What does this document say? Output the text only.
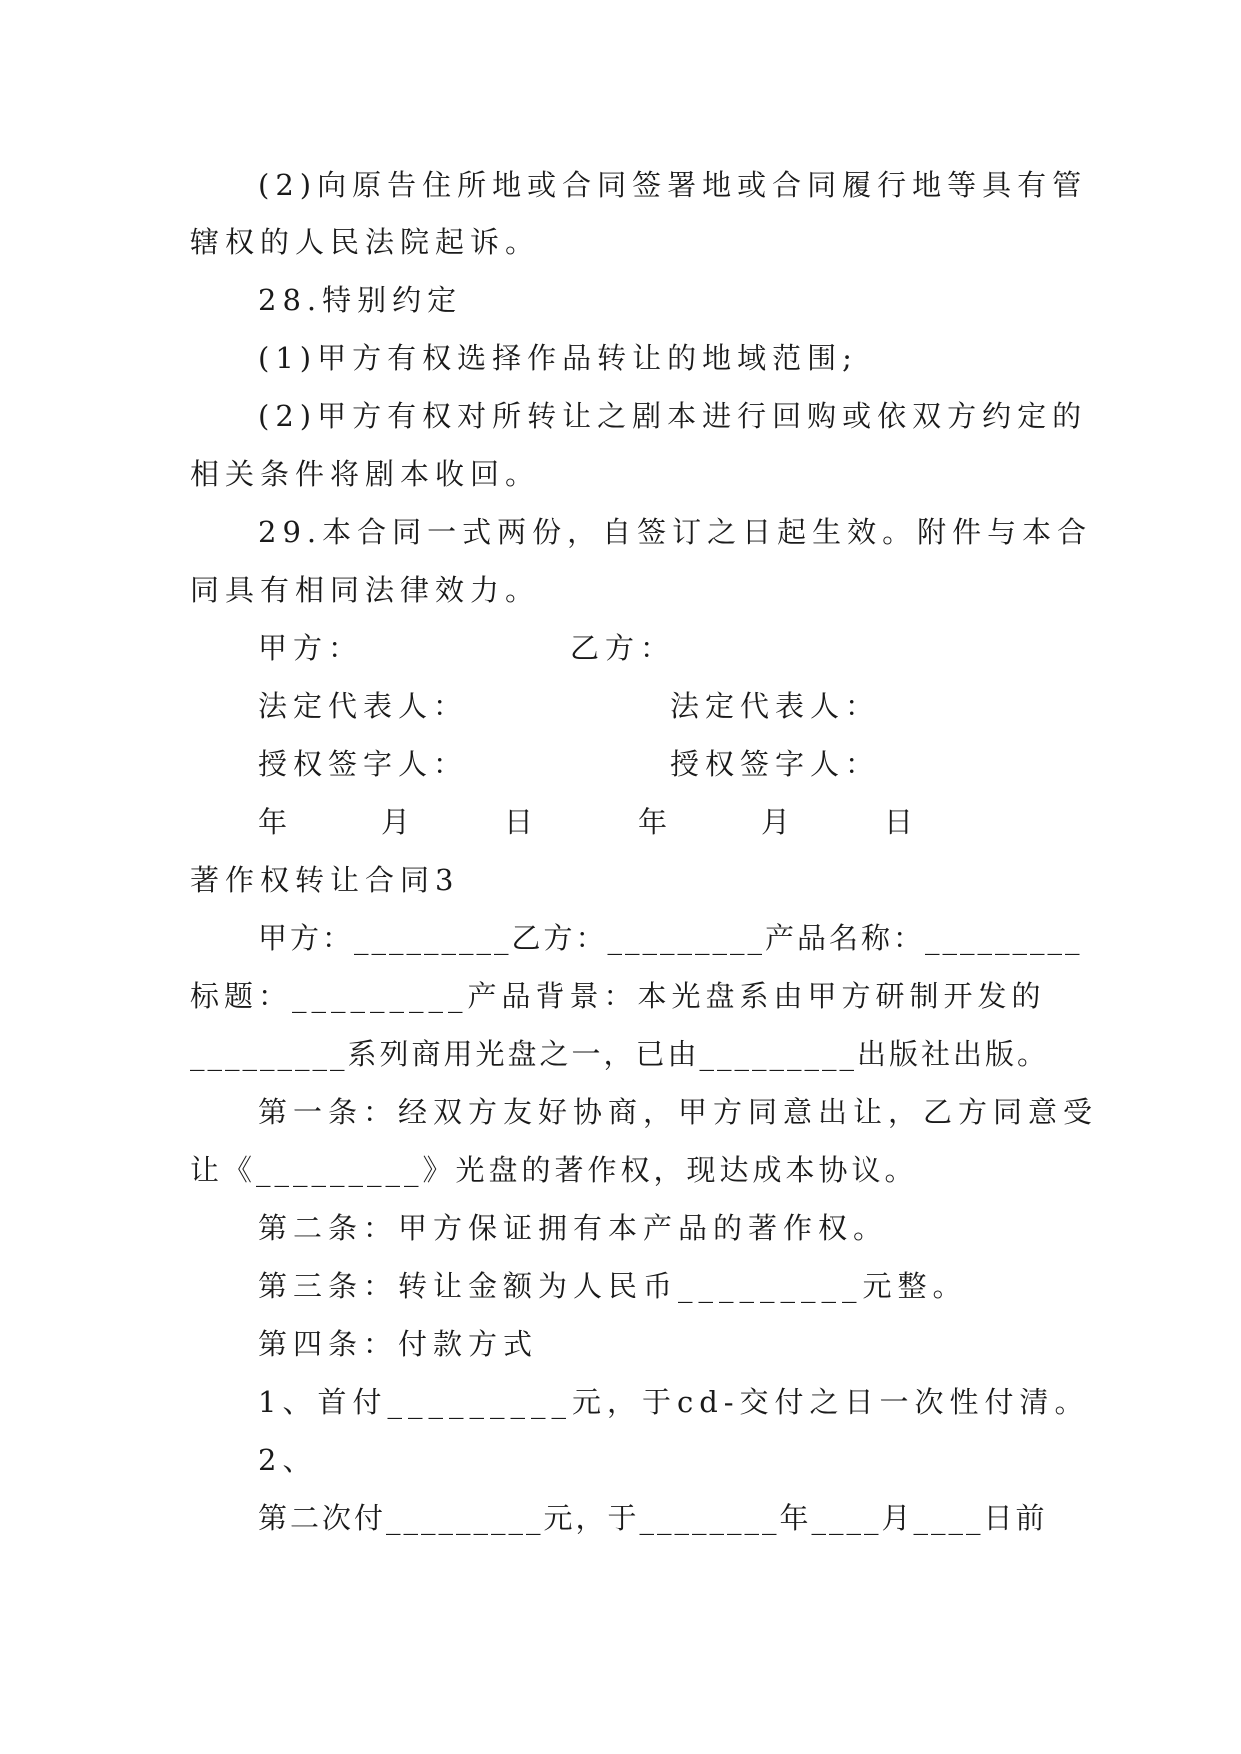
(2)向原告住所地或合同签署地或合同履行地等具有管
辖权的人民法院起诉。
28.特别约定
(1)甲方有权选择作品转让的地域范围;
(2)甲方有权对所转让之剧本进行回购或依双方约定的
相关条件将剧本收回。
29.本合同一式两份，自签订之日起生效。附件与本合
同具有相同法律效力。
甲方：	乙方：
法定代表人：	法定代表人：
授权签字人：	授权签字人：
年　　月　　日	年　　月　　日
著作权转让合同3
甲方：_________乙方：_________产品名称：_________
标题：_________产品背景：本光盘系由甲方研制开发的
_________系列商用光盘之一，已由_________出版社出版。
第一条：经双方友好协商，甲方同意出让，乙方同意受
让《_________》光盘的著作权，现达成本协议。
第二条：甲方保证拥有本产品的著作权。
第三条：转让金额为人民币_________元整。
第四条：付款方式
1、首付_________元，于cd-交付之日一次性付清。
2、
第二次付_________元，于________年____月____日前
